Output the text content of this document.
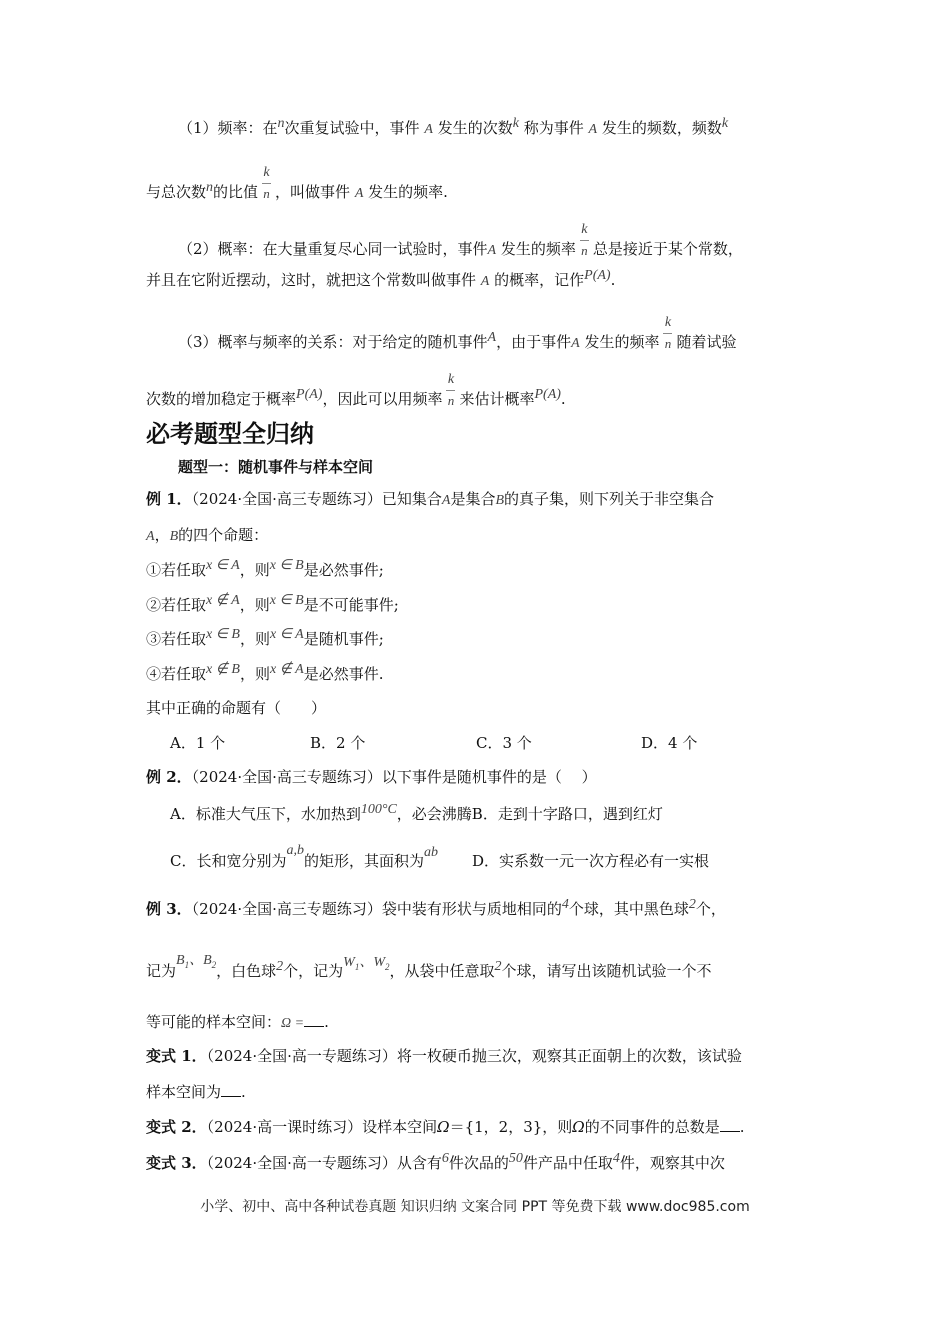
（1）频率：在n次重复试验中，事件 A 发生的次数k 称为事件 A 发生的频数，频数k
与总次数n的比值 $\frac{k}{n}$ ，叫做事件 A 发生的频率.
（2）概率：在大量重复尽心同一试验时，事件A 发生的频率 $\frac{k}{n}$ 总是接近于某个常数，
并且在它附近摆动，这时，就把这个常数叫做事件 A 的概率，记作P(A).
（3）概率与频率的关系：对于给定的随机事件A，由于事件A 发生的频率 $\frac{k}{n}$ 随着试验
次数的增加稳定于概率P(A)，因此可以用频率 $\frac{k}{n}$ 来估计概率P(A).
必考题型全归纳
题型一：随机事件与样本空间
例 1．（2024·全国·高三专题练习）已知集合A是集合B的真子集，则下列关于非空集合
A，B的四个命题：
①若任取x ∈ A，则x ∈ B是必然事件;
②若任取x ∉ A，则x ∈ B是不可能事件;
③若任取x ∈ B，则x ∈ A是随机事件;
④若任取x ∉ B，则x ∉ A是必然事件.
其中正确的命题有（　　）
A．1 个	B．2 个	C．3 个	D．4 个
例 2．（2024·全国·高三专题练习）以下事件是随机事件的是（　 ）
A．标准大气压下，水加热到100°C，必会沸腾B．走到十字路口，遇到红灯
C．长和宽分别为a,b的矩形，其面积为ab D．实系数一元一次方程必有一实根
例 3．（2024·全国·高三专题练习）袋中装有形状与质地相同的4个球，其中黑色球2个，
记为$B_1$、$B_2$，白色球2个，记为$W_1$、$W_2$，从袋中任意取2个球，请写出该随机试验一个不
等可能的样本空间：Ω = .
变式 1．（2024·全国·高一专题练习）将一枚硬币抛三次，观察其正面朝上的次数，该试验
样本空间为 .
变式 2．（2024·高一课时练习）设样本空间Ω＝{1，2，3}，则Ω的不同事件的总数是 .
变式 3．（2024·全国·高一专题练习）从含有6件次品的50件产品中任取4件，观察其中次
小学、初中、高中各种试卷真题 知识归纳 文案合同 PPT 等免费下载 www.doc985.com
